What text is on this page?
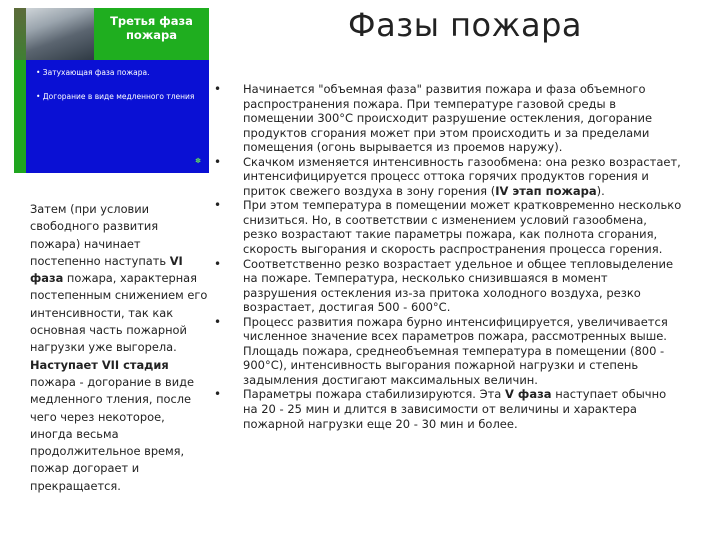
Фазы пожара
Третья фаза пожара
• Затухающая фаза пожара.
• Догорание в виде медленного тления
✽
Затем (при условии свободного развития пожара) начинает постепенно наступать VI фаза пожара, характерная постепенным снижением его интенсивности, так как основная часть пожарной нагрузки уже выгорела. Наступает VII стадия пожара - догорание в виде медленного тления, после чего через некоторое, иногда весьма продолжительное время, пожар догорает и прекращается.
• Начинается "объемная фаза" развития пожара и фаза объемного распространения пожара. При температуре газовой среды в помещении 300°С происходит разрушение остекления, догорание продуктов сгорания может при этом происходить и за пределами помещения (огонь вырывается из проемов наружу).
• Скачком изменяется интенсивность газообмена: она резко возрастает, интенсифицируется процесс оттока горячих продуктов горения и приток свежего воздуха в зону горения (IV этап пожара).
• При этом температура в помещении может кратковременно несколько снизиться. Но, в соответствии с изменением условий газообмена, резко возрастают такие параметры пожара, как полнота сгорания, скорость выгорания и скорость распространения процесса горения.
• Соответственно резко возрастает удельное и общее тепловыделение на пожаре. Температура, несколько снизившаяся в момент разрушения остекления из-за притока холодного воздуха, резко возрастает, достигая 500 - 600°С.
• Процесс развития пожара бурно интенсифицируется, увеличивается численное значение всех параметров пожара, рассмотренных выше. Площадь пожара, среднеобъемная температура в помещении (800 - 900°С), интенсивность выгорания пожарной нагрузки и степень задымления достигают максимальных величин.
• Параметры пожара стабилизируются. Эта V фаза наступает обычно на 20 - 25 мин и длится в зависимости от величины и характера пожарной нагрузки еще 20 - 30 мин и более.
